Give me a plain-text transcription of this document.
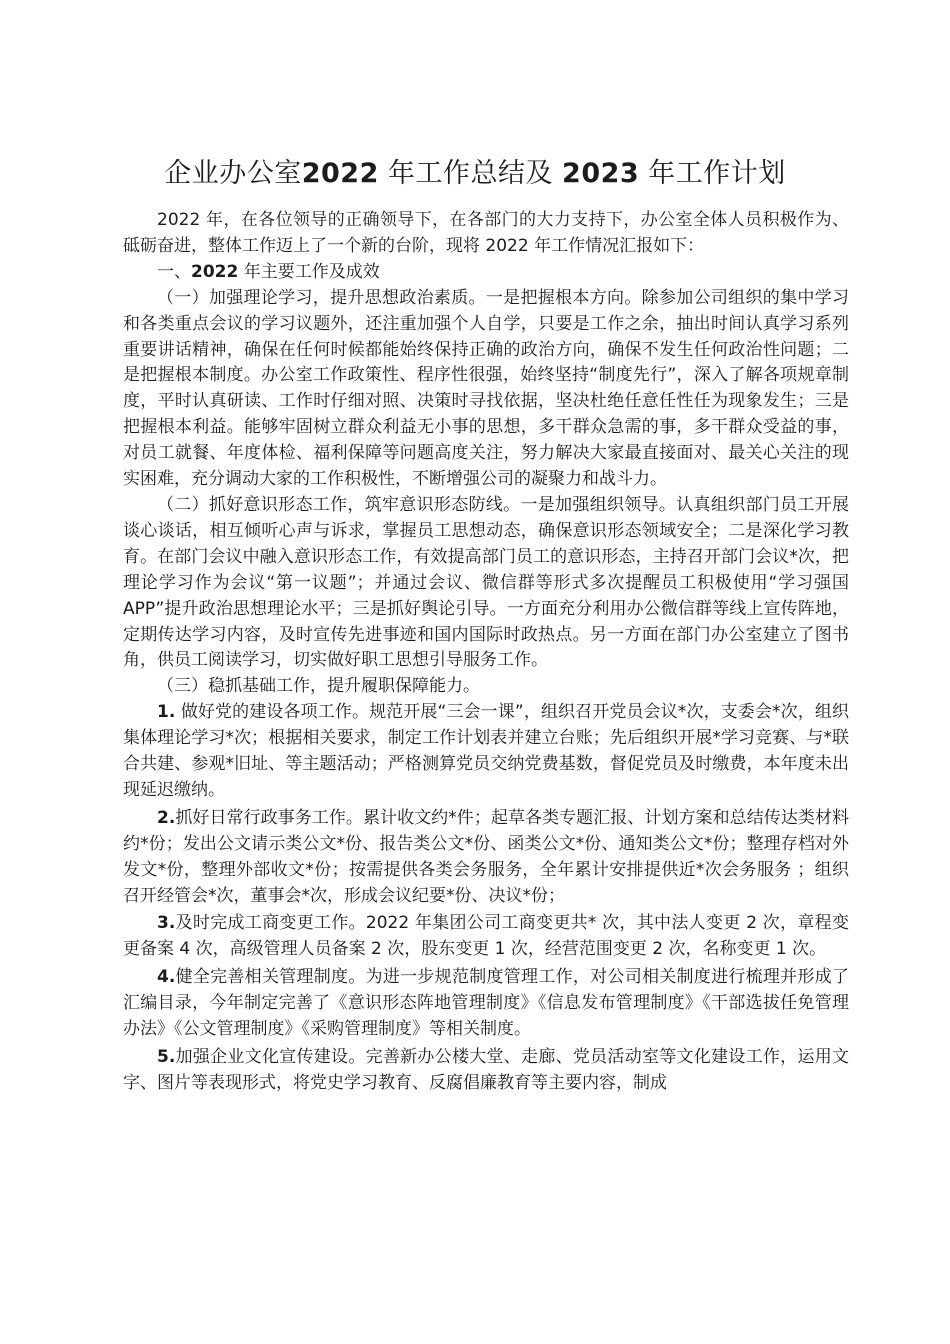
企业办公室2022 年工作总结及 2023 年工作计划

2022 年，在各位领导的正确领导下，在各部门的大力支持下，办公室全体人员积极作为、砥砺奋进，整体工作迈上了一个新的台阶，现将 2022 年工作情况汇报如下：

一、2022 年主要工作及成效

（一）加强理论学习，提升思想政治素质。一是把握根本方向。除参加公司组织的集中学习和各类重点会议的学习议题外，还注重加强个人自学，只要是工作之余，抽出时间认真学习系列重要讲话精神，确保在任何时候都能始终保持正确的政治方向，确保不发生任何政治性问题；二是把握根本制度。办公室工作政策性、程序性很强，始终坚持“制度先行”，深入了解各项规章制度，平时认真研读、工作时仔细对照、决策时寻找依据，坚决杜绝任意任性任为现象发生；三是把握根本利益。能够牢固树立群众利益无小事的思想，多干群众急需的事，多干群众受益的事，对员工就餐、年度体检、福利保障等问题高度关注，努力解决大家最直接面对、最关心关注的现实困难，充分调动大家的工作积极性，不断增强公司的凝聚力和战斗力。

（二）抓好意识形态工作，筑牢意识形态防线。一是加强组织领导。认真组织部门员工开展谈心谈话，相互倾听心声与诉求，掌握员工思想动态，确保意识形态领域安全；二是深化学习教育。在部门会议中融入意识形态工作，有效提高部门员工的意识形态，主持召开部门会议*次，把理论学习作为会议“第一议题”；并通过会议、微信群等形式多次提醒员工积极使用“学习强国 APP”提升政治思想理论水平；三是抓好舆论引导。一方面充分利用办公微信群等线上宣传阵地，定期传达学习内容，及时宣传先进事迹和国内国际时政热点。另一方面在部门办公室建立了图书角，供员工阅读学习，切实做好职工思想引导服务工作。

（三）稳抓基础工作，提升履职保障能力。

1. 做好党的建设各项工作。规范开展“三会一课”，组织召开党员会议*次，支委会*次，组织集体理论学习*次；根据相关要求，制定工作计划表并建立台账；先后组织开展*学习竞赛、与*联合共建、参观*旧址、等主题活动；严格测算党员交纳党费基数，督促党员及时缴费，本年度未出现延迟缴纳。

2.抓好日常行政事务工作。累计收文约*件；起草各类专题汇报、计划方案和总结传达类材料约*份；发出公文请示类公文*份、报告类公文*份、函类公文*份、通知类公文*份；整理存档对外发文*份，整理外部收文*份；按需提供各类会务服务，全年累计安排提供近*次会务服务 ；组织召开经管会*次，董事会*次，形成会议纪要*份、决议*份；

3.及时完成工商变更工作。2022 年集团公司工商变更共* 次，其中法人变更 2 次，章程变更备案 4 次，高级管理人员备案 2 次，股东变更 1 次，经营范围变更 2 次，名称变更 1 次。

4.健全完善相关管理制度。为进一步规范制度管理工作，对公司相关制度进行梳理并形成了汇编目录，今年制定完善了《意识形态阵地管理制度》《信息发布管理制度》《干部选拔任免管理办法》《公文管理制度》《采购管理制度》等相关制度。

5.加强企业文化宣传建设。完善新办公楼大堂、走廊、党员活动室等文化建设工作，运用文字、图片等表现形式，将党史学习教育、反腐倡廉教育等主要内容，制成
